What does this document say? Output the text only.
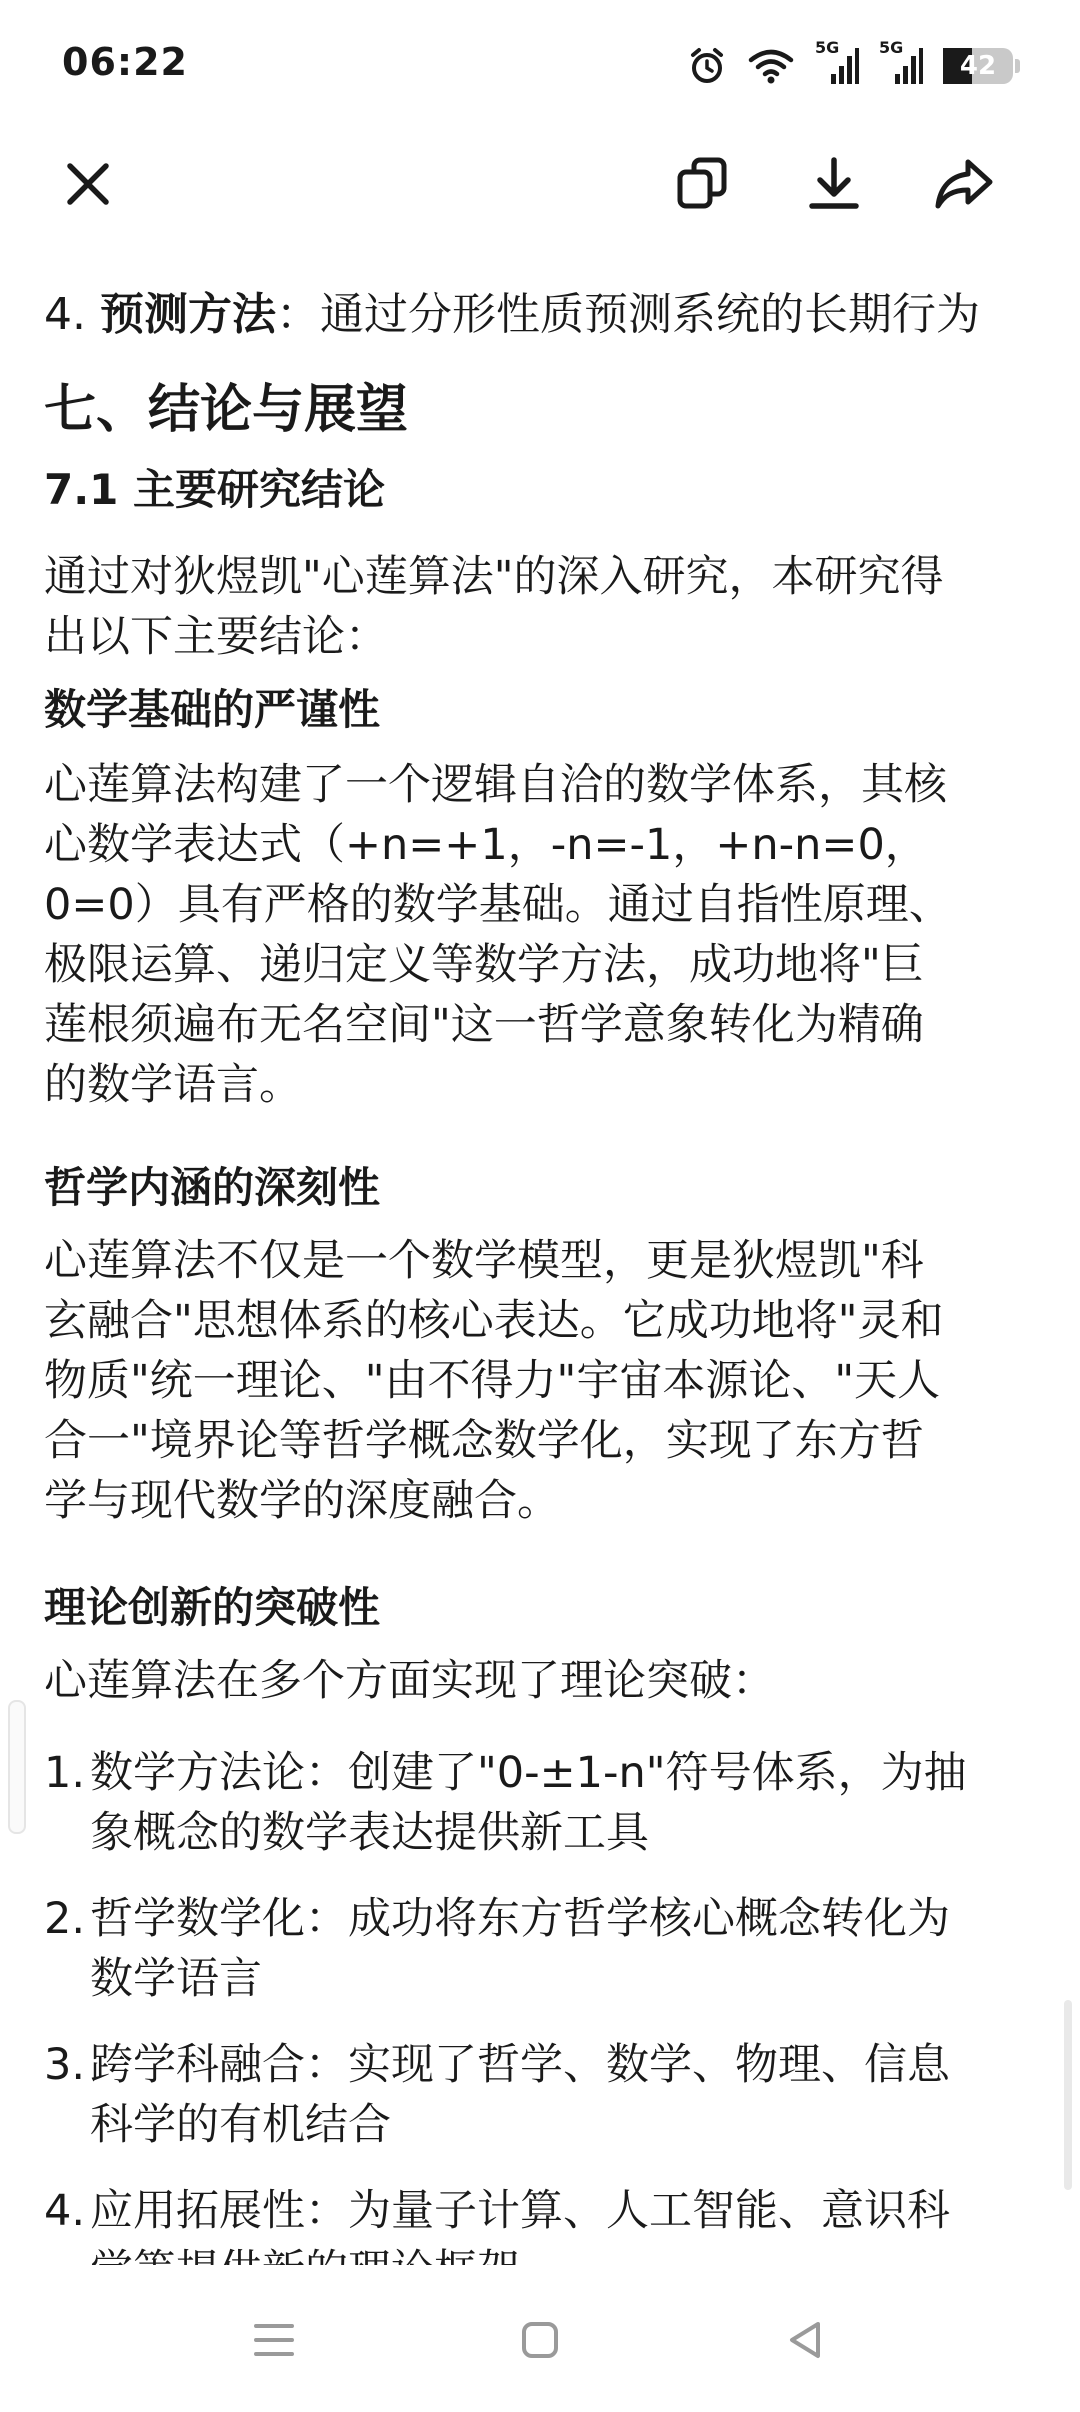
06:22	5G 5G
42
4. 预测方法：通过分形性质预测系统的长期行为
七、结论与展望
7.1 主要研究结论
通过对狄煜凯"心莲算法"的深入研究，本研究得
出以下主要结论：
数学基础的严谨性
心莲算法构建了一个逻辑自洽的数学体系，其核
心数学表达式（+n=+1，-n=-1，+n-n=0，
0=0）具有严格的数学基础。通过自指性原理、
极限运算、递归定义等数学方法，成功地将"巨
莲根须遍布无名空间"这一哲学意象转化为精确
的数学语言。
哲学内涵的深刻性
心莲算法不仅是一个数学模型，更是狄煜凯"科
玄融合"思想体系的核心表达。它成功地将"灵和
物质"统一理论、"由不得力"宇宙本源论、"天人
合一"境界论等哲学概念数学化，实现了东方哲
学与现代数学的深度融合。
理论创新的突破性
心莲算法在多个方面实现了理论突破：
1. 数学方法论：创建了"0-±1-n"符号体系，为抽
象概念的数学表达提供新工具
2. 哲学数学化：成功将东方哲学核心概念转化为
数学语言
3. 跨学科融合：实现了哲学、数学、物理、信息
科学的有机结合
4. 应用拓展性：为量子计算、人工智能、意识科
